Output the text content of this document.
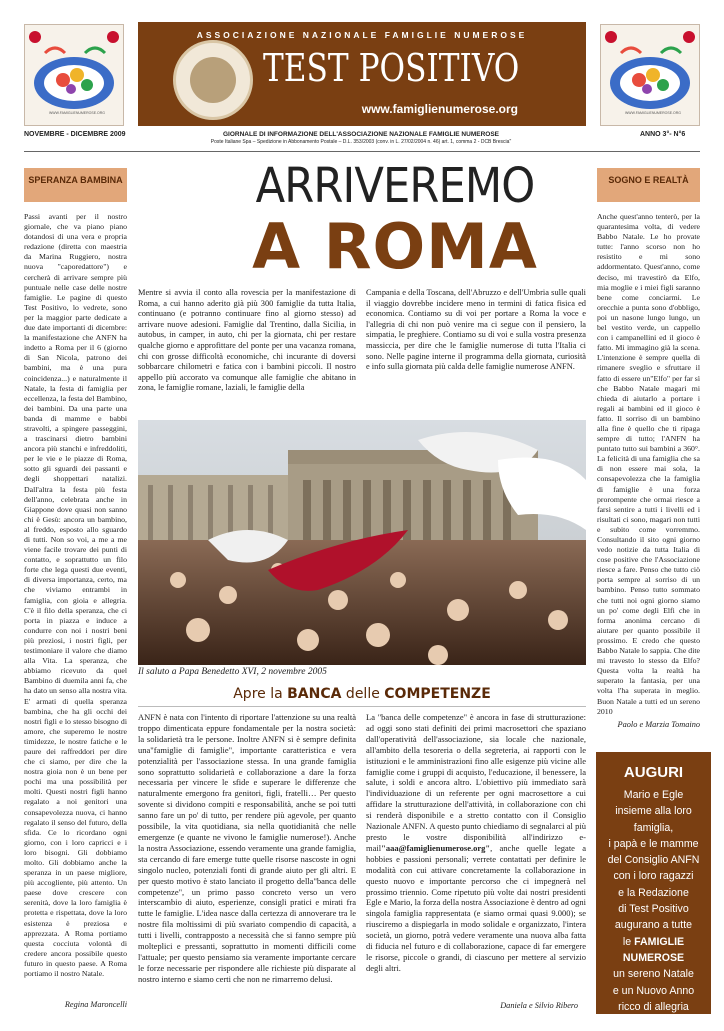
WWW.FAMIGLIENUMEROSE.ORG	WWW.FAMIGLIENUMEROSE.ORG
ASSOCIAZIONE NAZIONALE FAMIGLIE NUMEROSE
TEST POSITIVO
www.famiglienumerose.org
NOVEMBRE - DICEMBRE 2009	GIORNALE DI INFORMAZIONE DELL'ASSOCIAZIONE NAZIONALE FAMIGLIE NUMEROSE
Poste Italiane Spa – Spedizione in Abbonamento Postale – D.L. 353/2003 (conv. in L. 27/02/2004 n. 46) art. 1, comma 2 - DCB Brescia"
ANNO 3°- N°6
SPERANZA BAMBINA

Passi avanti per il nostro giornale, che va piano piano dotandosi di una vera e propria redazione (diretta con maestria da Marina Ruggiero, nostra nuova "caporedattore") e cercherà di arrivare sempre più puntuale nelle case delle nostre famiglie. Le pagine di questo Test Positivo, lo vedrete, sono per la maggior parte dedicate a due date importanti di dicembre: la manifestazione che ANFN ha indetto a Roma per il 6 (giorno di San Nicola, patrono dei bambini, ma è una pura coincidenza...) e naturalmente il Natale, la festa di famiglia per eccellenza, la festa del Bambino, dei bambini. Da una parte una banda di mamme e babbi stravolti, a spingere passeggini, a trascinarsi dietro bambini ancora più stanchi e infreddoliti, per le vie e le piazze di Roma, sotto gli sguardi dei passanti e degli shoppettari natalizi. Dall'altra la festa più festa dell'anno, celebrata anche in Giappone dove quasi non sanno chi è Gesù: ancora un bambino, al freddo, esposto allo sguardo di tutti. Non so voi, a me a me viene facile trovare dei punti di contatto, e soprattutto un filo forte che lega questi due eventi, di diversa importanza, certo, ma che viviamo entrambi in famiglia, con gioia e allegria. C'è il filo della speranza, che ci porta in piazza e induce a condurre con noi i nostri beni più preziosi, i nostri figli, per testimoniare il valore che diamo alla Vita. La speranza, che abbiamo ricevuto da quel Bambino di duemila anni fa, che ha dato un senso alla nostra vita. E' armati di quella speranza bambina, che ha gli occhi dei nostri figli e lo stesso bisogno di amore, che superemo le nostre timidezze, le nostre fatiche e le paure dei raffreddori per dire che ci siamo, per dire che la nostra gioia non è un bene per pochi ma una possibilità per molti. Questi nostri figli hanno regalato a noi genitori una consapevolezza nuova, ci hanno regalato il senso del futuro, della sfida. Ce lo ricordano ogni giorno, con i loro capricci e i loro bisogni. Gli dobbiamo molto. Gli dobbiamo anche la speranza in un paese migliore, più accogliente, più attento. Un paese dove crescere con serenità, dove la loro famiglia è protetta e rispettata, dove la loro esistenza è preziosa e apprezzata. A Roma portiamo questa cocciuta volontà di credere ancora possibile questo futuro in questo paese. A Roma portiamo il nostro Natale.

Regina Maroncelli
SOGNO E REALTÀ

Anche quest'anno tenterò, per la quarantesima volta, di vedere Babbo Natale. Le ho provate tutte: l'anno scorso non ho resistito e mi sono addormentato. Quest'anno, come deciso, mi travestirò da Elfo, mia moglie e i miei figli saranno bene come conciarmi. Le orecchie a punta sono d'obbligo, poi un nasone lungo lungo, un bel vestito verde, un cappello con i campanellini ed il gioco è fatto. Mi immagino già la scena. L'intenzione è sempre quella di rimanere sveglio e sfruttare il fatto di essere un"Elfo" per far sì che Babbo Natale magari mi chieda di aiutarlo a portare i regali ai bambini ed il gioco è fatto. Il sorriso di un bambino alla fine è quello che ti ripaga sempre di tutto; l'ANFN ha puntato tutto sui bambini a 360°. La felicità di una famiglia che sa di non essere mai sola, la consapevolezza che la famiglia di famiglie è una forza prorompente che ormai riesce a farsi sentire a tutti i livelli ed i risultati ci sono, magari non tutti e subito come vorremmo. Consultando il sito ogni giorno vedo notizie da tutta Italia di cose positive che l'Associazione riesce a fare. Penso che tutto ciò porta sempre al sorriso di un bambino. Penso tutto sommato che tutti noi ogni giorno siamo un po' come degli Elfi che in forma anonima cercano di aiutare per quanto possibile il prossimo. E credo che questo Babbo Natale lo sappia. Che dite mi travesto lo stesso da Elfo? Questa volta la realtà ha superato la fantasia, per una volta l'ha superata in meglio. Buon Natale a tutti ed un sereno 2010

Paolo e Marzia Tomaino
AUGURI
Mario e Egle
insieme alla loro
famiglia,
i papà e le mamme
del Consiglio ANFN
con i loro ragazzi
e la Redazione
di Test Positivo
augurano a tutte
le FAMIGLIE
NUMEROSE
un sereno Natale
e un Nuovo Anno
ricco di allegria
e speranza
ARRIVEREMO
A ROMA

Mentre si avvia il conto alla rovescia per la manifestazione di Roma, a cui hanno aderito già più 300 famiglie da tutta Italia, continuano (e potranno continuare fino al giorno stesso) ad arrivare nuove adesioni. Famiglie dal Trentino, dalla Sicilia, in autobus, in camper, in auto, chi per la giornata, chi per restare qualche giorno e approfittare del ponte per una vacanza romana, chi con grosse difficoltà economiche, chi incurante di doversi sobbarcare chilometri e fatica con i bambini piccoli. Il nostro appello più accorato va comunque alle famiglie che abitano in zona, le famiglie romane, laziali, le famiglie della

Campania e della Toscana, dell'Abruzzo e dell'Umbria sulle quali il viaggio dovrebbe incidere meno in termini di fatica fisica ed economica. Contiamo su di voi per portare a Roma la voce e l'allegria di chi non può venire ma ci segue con il pensiero, la simpatia, le preghiere. Contiamo su di voi e sulla vostra presenza massiccia, per dire che le famiglie numerose di tutta l'Italia ci sono. Nelle pagine interne il programma della giornata, curiosità e info sulla giornata più calda delle famiglie numerose ANFN.

Il saluto a Papa Benedetto XVI, 2 novembre 2005
Apre la BANCA delle COMPETENZE

ANFN è nata con l'intento di riportare l'attenzione su una realtà troppo dimenticata eppure fondamentale per la nostra società: la solidarietà tra le persone. Inoltre ANFN si è sempre definita una"famiglie di famiglie", importante caratteristica e vera potenzialità per l'associazione stessa. In una grande famiglia sono soprattutto solidarietà e collaborazione a dare la forza necessaria per vincere le sfide e superare le differenze che naturalmente emergono fra genitori, figli, fratelli… Per questo sovente si dividono compiti e responsabilità, anche se poi tutti sanno fare un po' di tutto, per rendere più agevole, per quanto possibile, la vita quotidiana, sia nella quotidianità che nelle emergenze (e quante ne vivono le famiglie numerose!). Anche la nostra Associazione, essendo veramente una grande famiglia, sta cercando di fare emerge tutte quelle risorse nascoste in ogni singolo nucleo, potenziali fonti di grande aiuto per gli altri. E per questo motivo è stato lanciato il progetto della"banca delle competenze", un primo passo concreto verso un vero interscambio di aiuto, esperienze, consigli pratici e mirati fra tutte le famiglie. L'idea nasce dalla certezza di annoverare tra le nostre fila moltissimi di più svariato compendio di capacità, a tutti i livelli, contrapposto a necessità che si fanno sempre più molteplici e pressanti, soprattutto in momenti difficili come l'attuale; per questo pensiamo sia veramente importante cercare le forze necessarie per rispondere alle richieste più disparate al nostro interno e siamo certi che non ne rimarremo delusi.

La "banca delle competenze" è ancora in fase di strutturazione: ad oggi sono stati definiti dei primi macrosettori che spaziano dall'operatività dell'associazione, sia locale che nazionale, all'ambito della tesoreria o della segreteria, ai rapporti con le istituzioni e le amministrazioni fino alle esigenze più vicine alle famiglie come i gruppi di acquisto, l'educazione, il benessere, la salute, i soldi e ancora altro. L'obiettivo più immediato sarà l'individuazione di un referente per ogni macrosettore a cui affidare la strutturazione dell'attività, in collaborazione con chi si renderà disponibile e a stretto contatto con il Consiglio Nazionale ANFN. A questo punto chiediamo di segnalarci al più presto le vostre disponibilità all'indirizzo e-mail"aaa@famiglienumerose.org", anche quelle legate a hobbies e passioni personali; verrete contattati per definire le modalità con cui attivare concretamente la collaborazione in questo nuovo e importante percorso che ci impegnerà nel prossimo triennio. Come ripetuto più volte dai nostri presidenti Egle e Mario, la forza della nostra Associazione è dentro ad ogni singola famiglia rappresentata (e siamo ormai quasi 9.000); se riusciremo a dispiegarla in modo solidale e organizzato, l'intera società, un giorno, potrà vedere veramente una nuova alba fatta di fiducia nel futuro e di collaborazione, capace di far emergere le risorse, piccole o grandi, di ciascuno per mettere al servizio degli altri.

Daniela e Silvio Ribero
